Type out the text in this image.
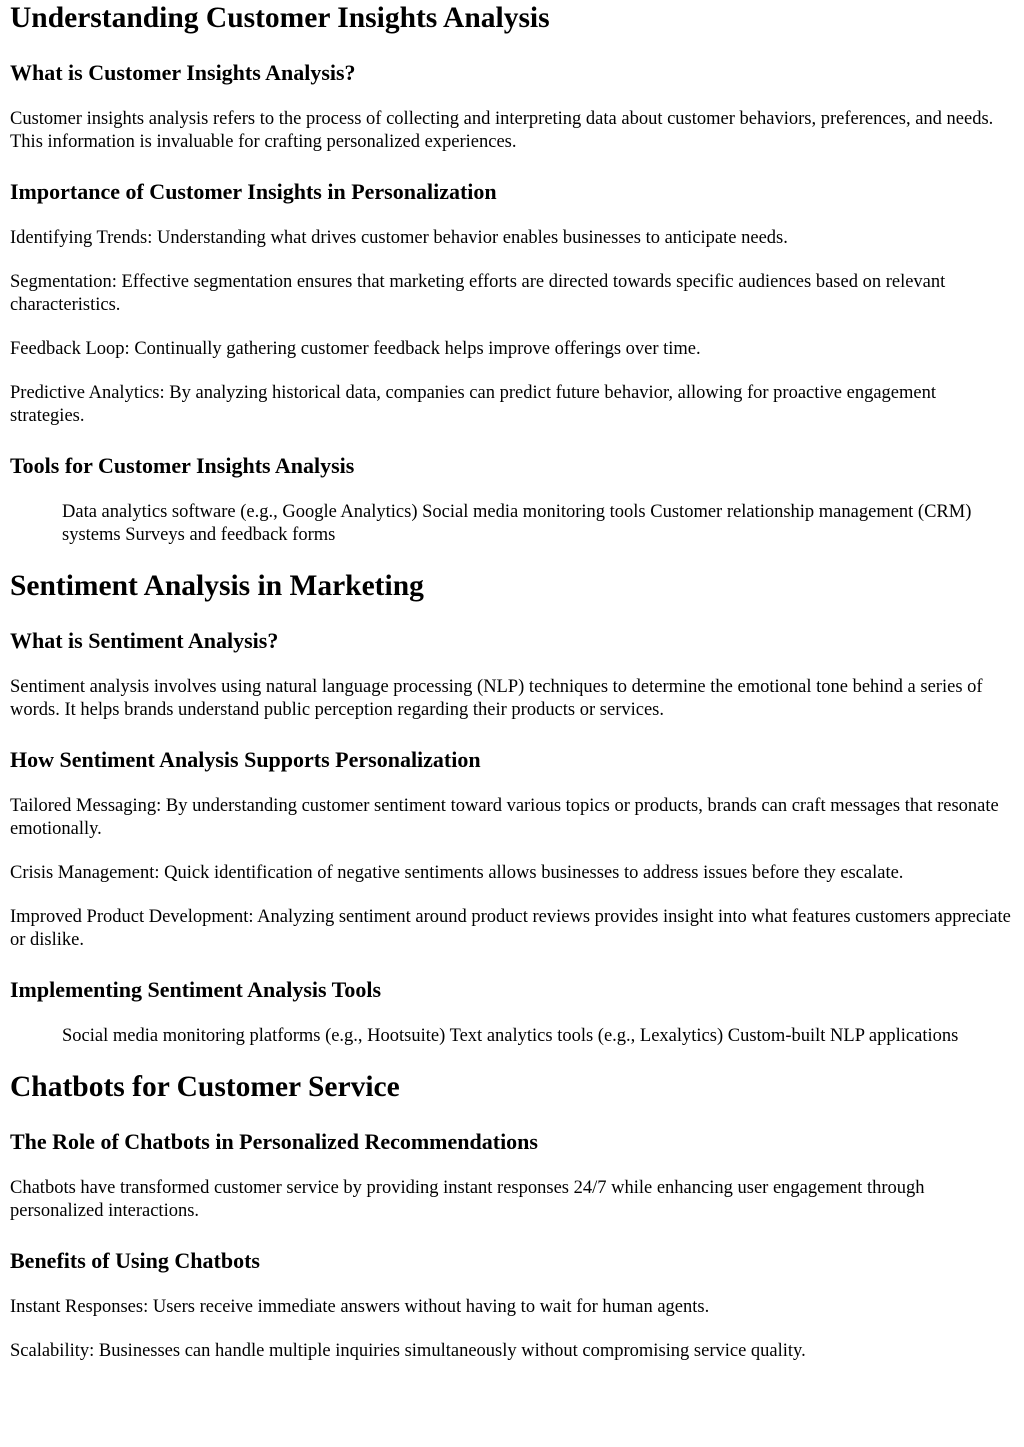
Understanding Customer Insights Analysis
What is Customer Insights Analysis?

Customer insights analysis refers to the process of collecting and interpreting data about customer behaviors, preferences, and needs. This information is invaluable for crafting personalized experiences.

Importance of Customer Insights in Personalization

Identifying Trends: Understanding what drives customer behavior enables businesses to anticipate needs.

Segmentation: Effective segmentation ensures that marketing efforts are directed towards specific audiences based on relevant characteristics.

Feedback Loop: Continually gathering customer feedback helps improve offerings over time.

Predictive Analytics: By analyzing historical data, companies can predict future behavior, allowing for proactive engagement strategies.

Tools for Customer Insights Analysis
Data analytics software (e.g., Google Analytics) Social media monitoring tools Customer relationship management (CRM) systems Surveys and feedback forms
Sentiment Analysis in Marketing
What is Sentiment Analysis?

Sentiment analysis involves using natural language processing (NLP) techniques to determine the emotional tone behind a series of words. It helps brands understand public perception regarding their products or services.

How Sentiment Analysis Supports Personalization

Tailored Messaging: By understanding customer sentiment toward various topics or products, brands can craft messages that resonate emotionally.

Crisis Management: Quick identification of negative sentiments allows businesses to address issues before they escalate.

Improved Product Development: Analyzing sentiment around product reviews provides insight into what features customers appreciate or dislike.

Implementing Sentiment Analysis Tools
Social media monitoring platforms (e.g., Hootsuite) Text analytics tools (e.g., Lexalytics) Custom-built NLP applications
Chatbots for Customer Service
The Role of Chatbots in Personalized Recommendations

Chatbots have transformed customer service by providing instant responses 24/7 while enhancing user engagement through personalized interactions.

Benefits of Using Chatbots

Instant Responses: Users receive immediate answers without having to wait for human agents.

Scalability: Businesses can handle multiple inquiries simultaneously without compromising service quality.
